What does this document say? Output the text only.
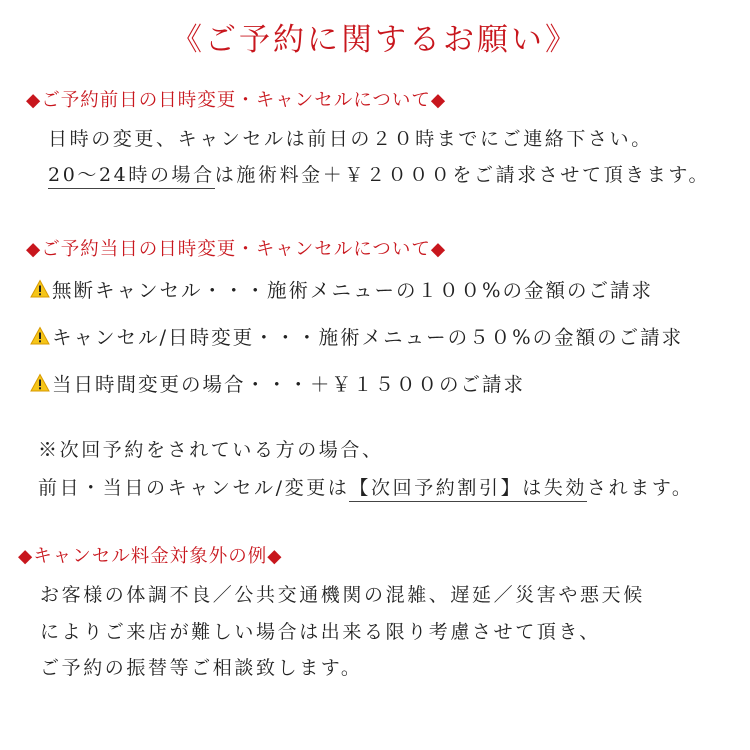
《ご予約に関するお願い》
◆ご予約前日の日時変更・キャンセルについて◆
日時の変更、キャンセルは前日の２０時までにご連絡下さい。
20〜24時の場合は施術料金＋￥２０００をご請求させて頂きます。
◆ご予約当日の日時変更・キャンセルについて◆
無断キャンセル・・・施術メニューの１００%の金額のご請求
キャンセル/日時変更・・・施術メニューの５０%の金額のご請求
当日時間変更の場合・・・＋￥１５００のご請求
※次回予約をされている方の場合、
前日・当日のキャンセル/変更は【次回予約割引】は失効されます。
◆キャンセル料金対象外の例◆
お客様の体調不良／公共交通機関の混雑、遅延／災害や悪天候
によりご来店が難しい場合は出来る限り考慮させて頂き、
ご予約の振替等ご相談致します。
